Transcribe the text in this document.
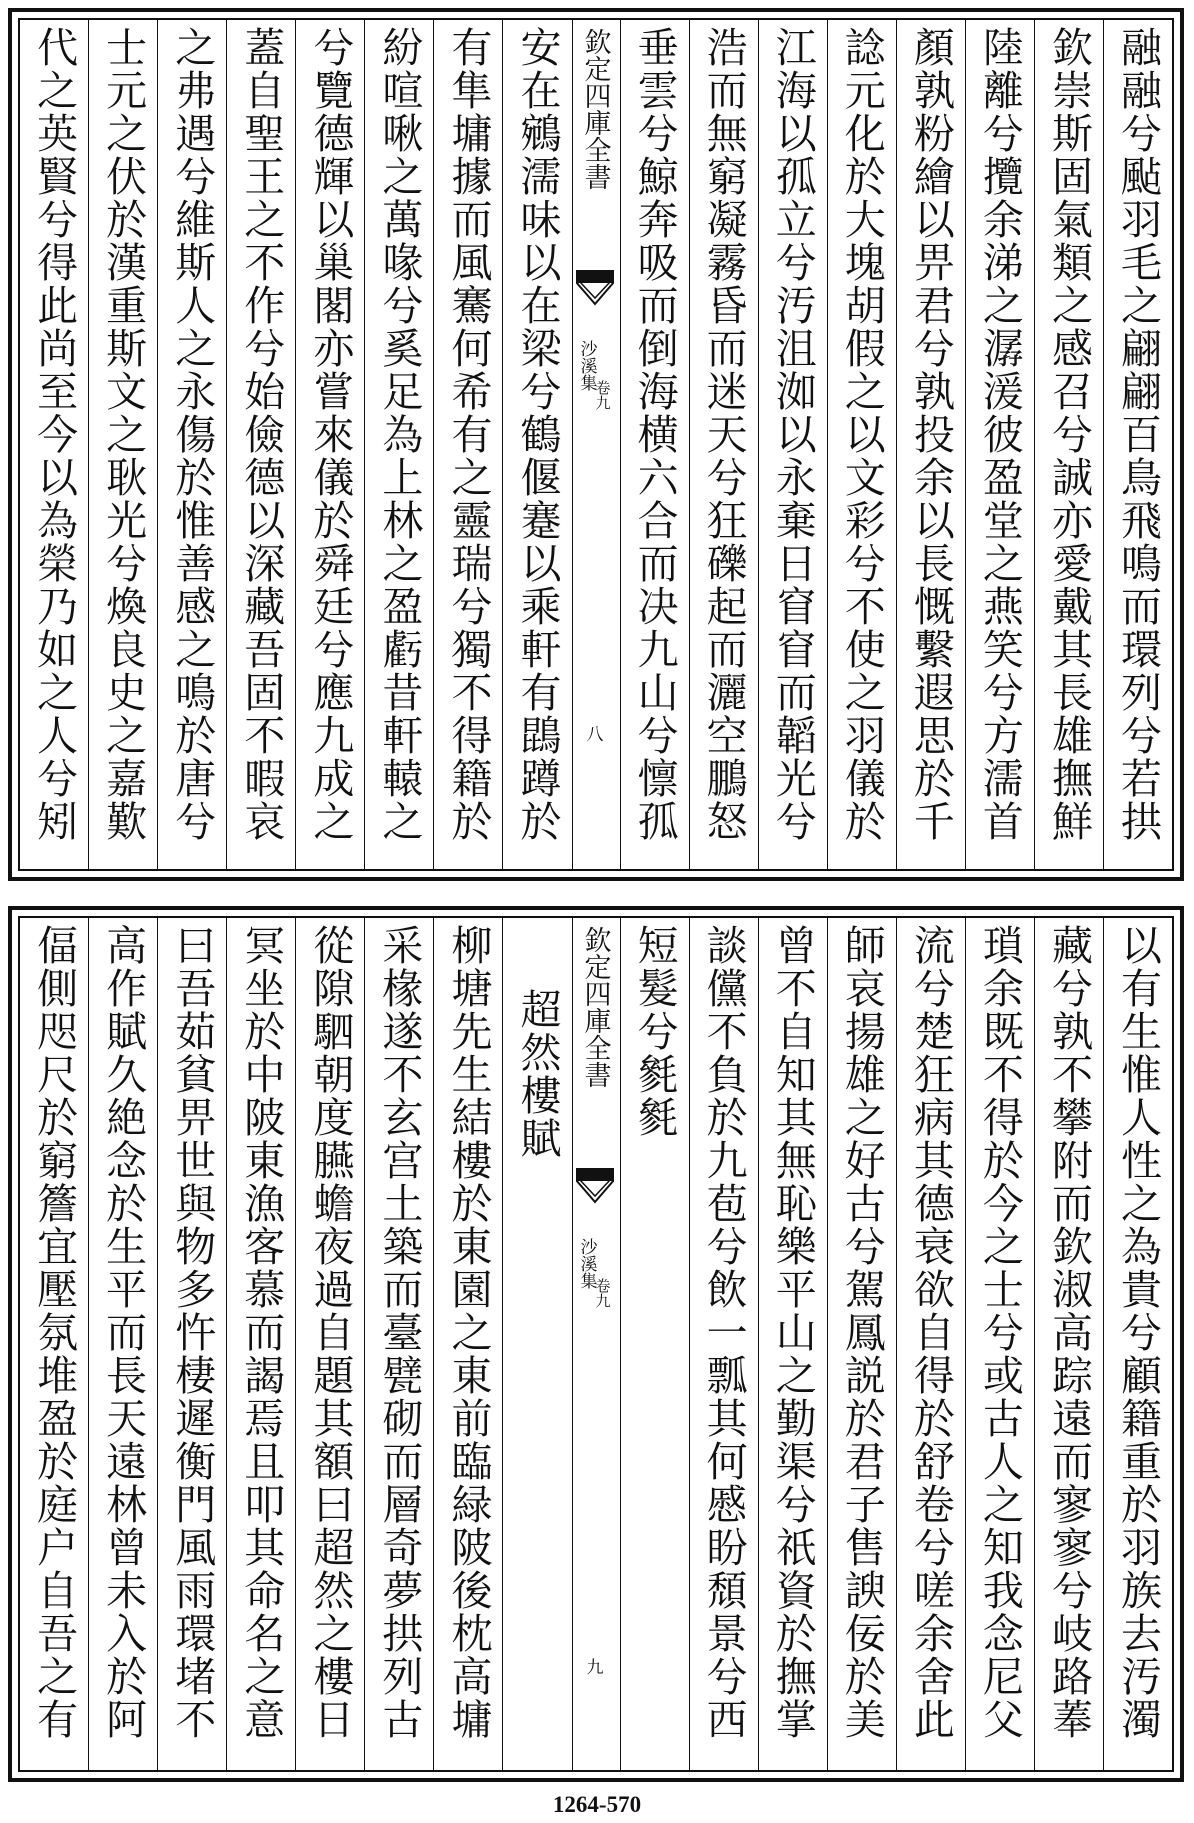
融融兮颭羽毛之翩翩百鳥飛鳴而環列兮若拱
欽崇斯固氣類之感召兮誠亦愛戴其長雄撫鮮
陸離兮攬余涕之潺湲彼盈堂之燕笑兮方濡首
顏孰粉繪以畀君兮孰投余以長慨繫遐思於千
諗元化於大塊胡假之以文彩兮不使之羽儀於
江海以孤立兮汚沮洳以永棄日窅窅而韜光兮
浩而無窮凝霧昏而迷天兮狂礫起而灑空鵬怒
垂雲兮鯨奔吸而倒海横六合而决九山兮懔孤
欽定四庫全書
沙溪集
卷九
八
安在鵷濡味以在梁兮鶴偃蹇以乘軒有鵾蹲於
有隼墉據而風騫何希有之靈瑞兮獨不得籍於
紛喧啾之萬喙兮奚足為上林之盈虧昔軒轅之
兮覽德輝以巢閣亦嘗來儀於舜廷兮應九成之
蓋自聖王之不作兮始儉德以深藏吾固不暇哀
之弗遇兮維斯人之永傷於惟善感之鳴於唐兮
士元之伏於漢重斯文之耿光兮煥良史之嘉歎
代之英賢兮得此尚至今以為榮乃如之人兮矧
以有生惟人性之為貴兮顧籍重於羽族去汚濁
藏兮孰不攀附而欽淑高踪遠而寥寥兮岐路菶
瑣余既不得於今之士兮或古人之知我念尼父
流兮楚狂病其德衰欲自得於舒卷兮嗟余舍此
師哀揚雄之好古兮駕鳳説於君子售諛佞於美
曾不自知其無恥樂平山之勤渠兮祇資於撫掌
談儻不負於九苞兮飲一瓢其何慼盼頹景兮西
短髮兮毿毿
欽定四庫全書
沙溪集
卷九
九
超然樓賦
柳塘先生結樓於東園之東前臨緑陂後枕高墉
采椽遂不玄宫土築而臺甓砌而層奇夢拱列古
從隙駟朝度臙蟾夜過自題其額曰超然之樓日
冥坐於中陂東漁客慕而謁焉且叩其命名之意
曰吾茹貧畀世與物多忤棲遲衡門風雨環堵不
高作賦久絶念於生平而長天遠林曾未入於阿
偪側咫尺於窮簷宜壓氛堆盈於庭户自吾之有
1264-570
